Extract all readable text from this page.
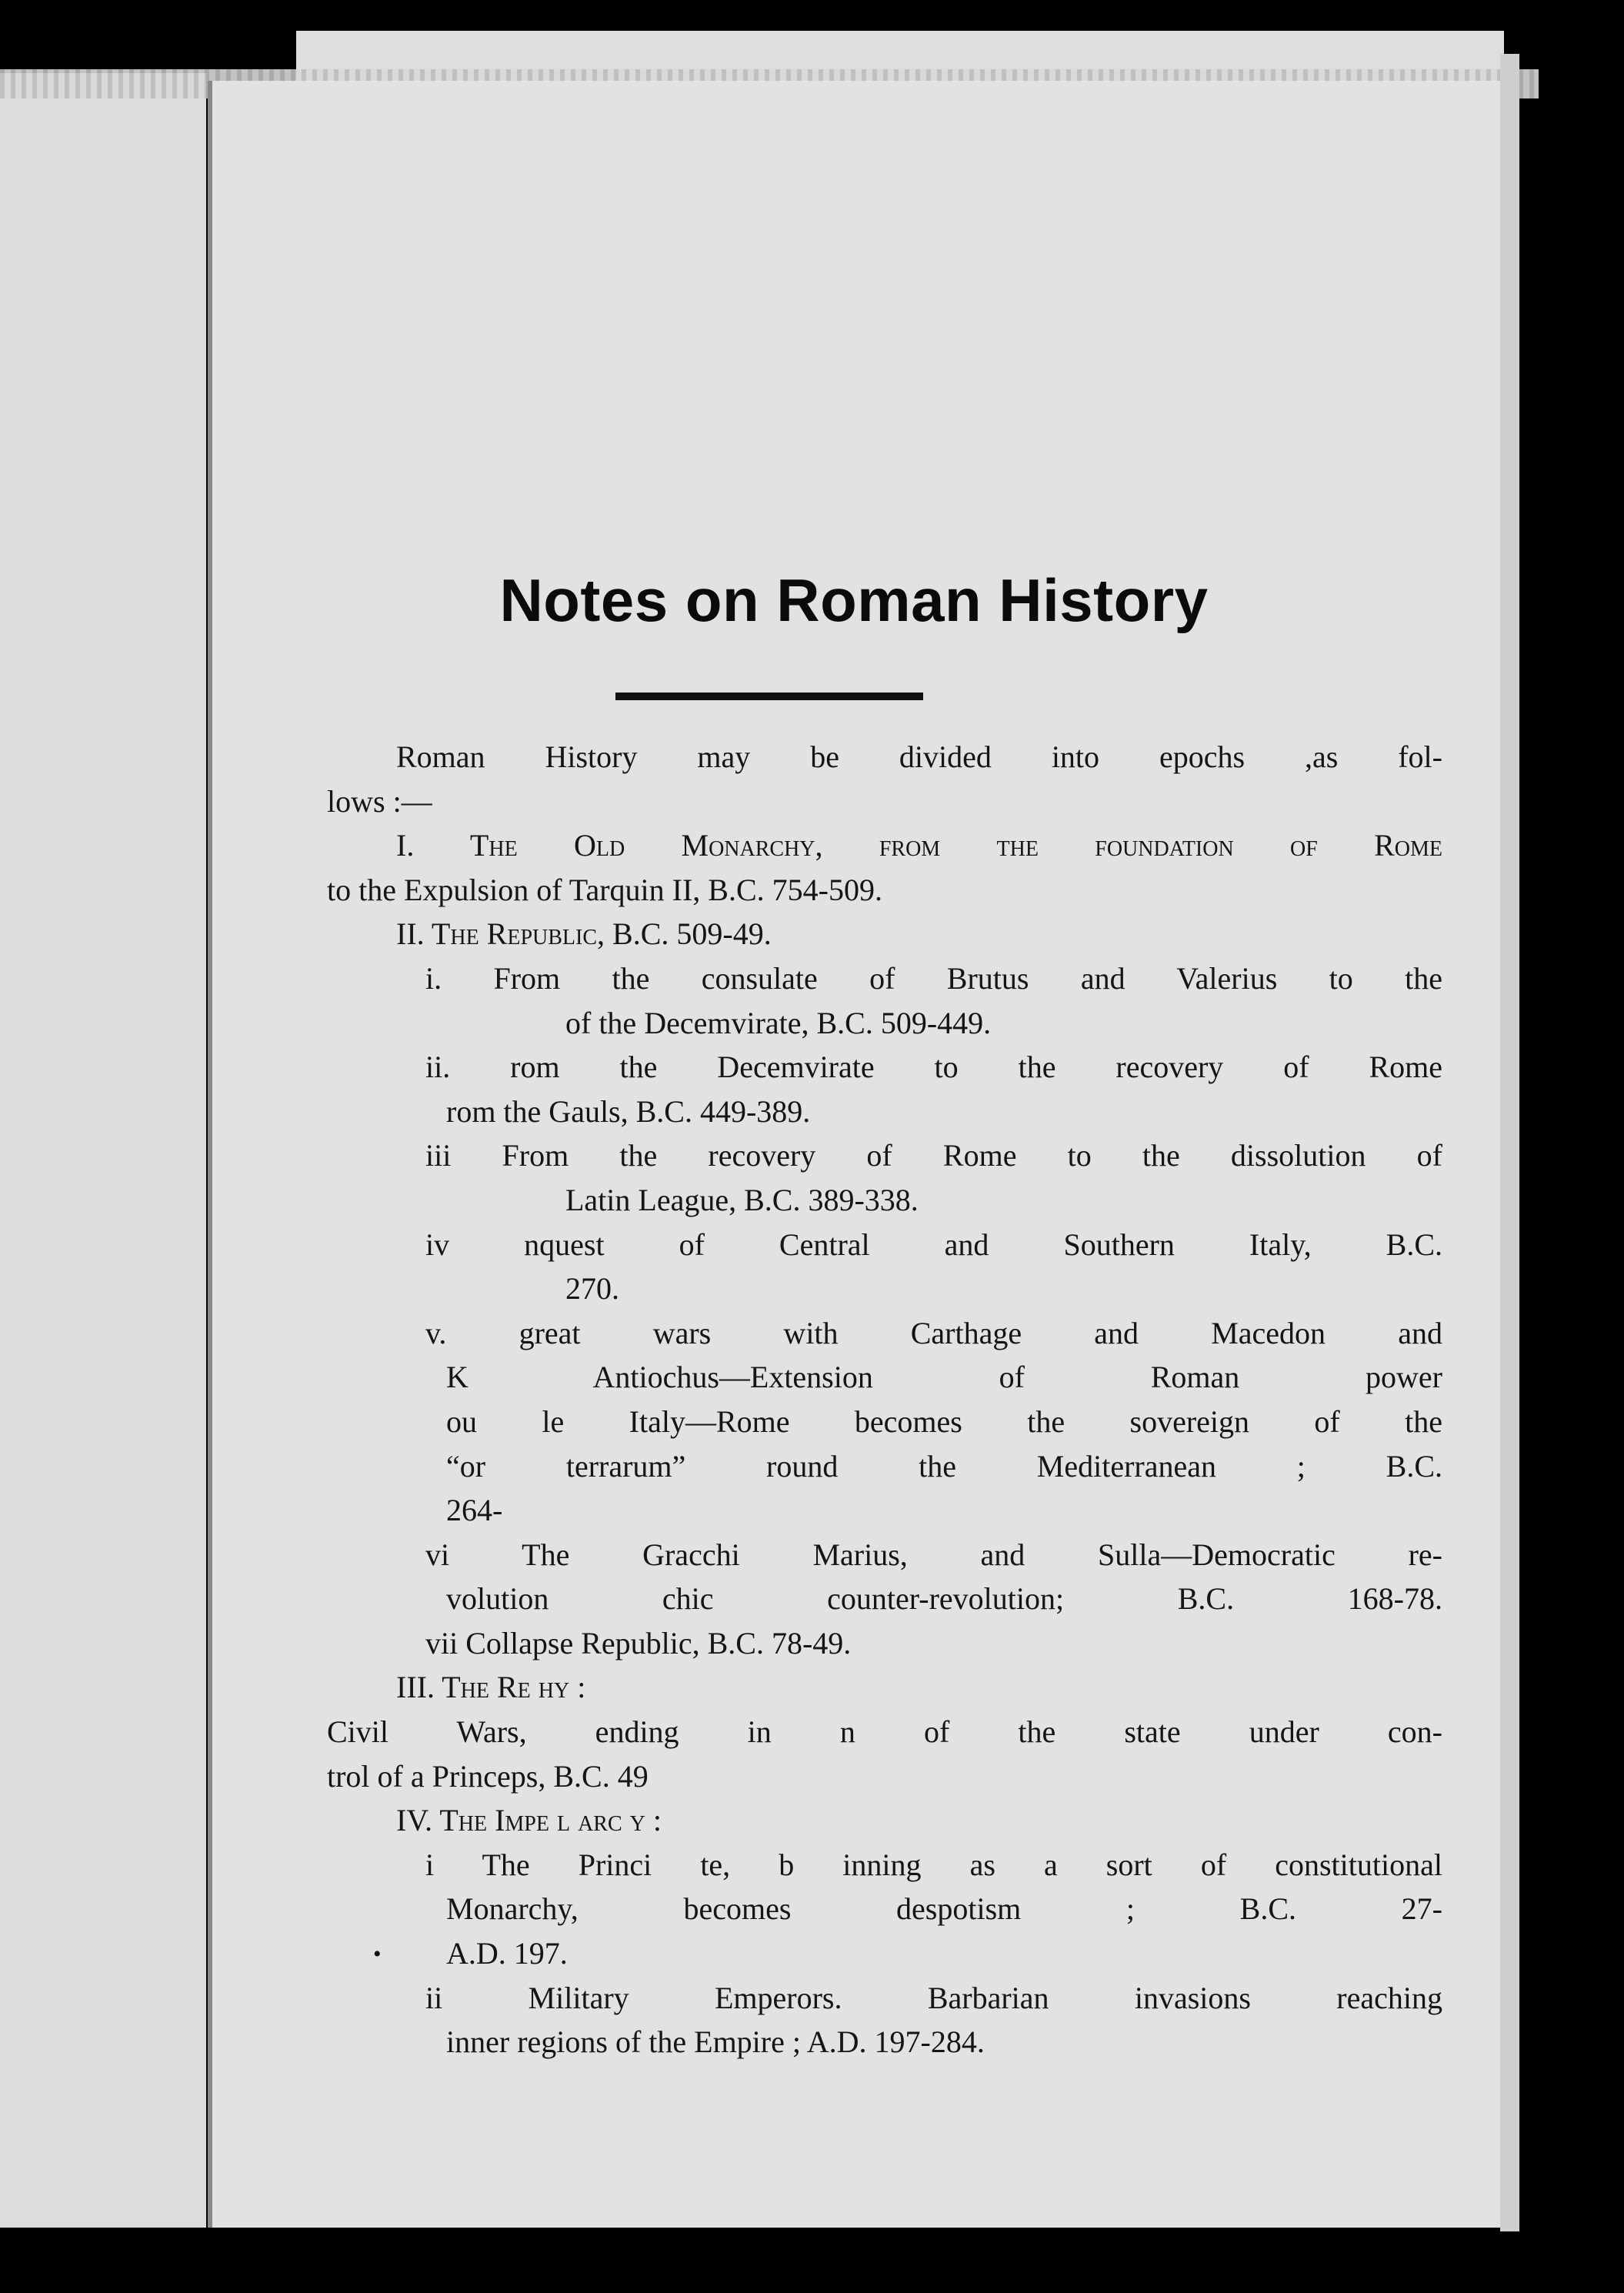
Notes on Roman History
Roman History may be divided into epochs ,as fol-
lows :—
I. The Old Monarchy, from the foundation of Rome
to the Expulsion of Tarquin II, B.C. 754-509.
II. The Republic, B.C. 509-49.
i. From the consulate of Brutus and Valerius to the
of the Decemvirate, B.C. 509-449.
ii. rom the Decemvirate to the recovery of Rome
rom the Gauls, B.C. 449-389.
iii From the recovery of Rome to the dissolution of
Latin League, B.C. 389-338.
iv nquest of Central and Southern Italy, B.C.
270.
v. great wars with Carthage and Macedon and
K Antiochus—Extension of Roman power
ou le Italy—Rome becomes the sovereign of the
“or terrarum” round the Mediterranean ; B.C.
264-
vi The Gracchi Marius, and Sulla—Democratic re-
volution chic counter-revolution; B.C. 168-78.
vii Collapse Republic, B.C. 78-49.
III. The Re hy :
Civil Wars, ending in n of the state under con-
trol of a Princeps, B.C. 49
IV. The Impe l arc y :
i The Princi te, b inning as a sort of constitutional
Monarchy, becomes despotism ; B.C. 27-
A.D. 197.
ii Military Emperors. Barbarian invasions reaching
inner regions of the Empire ; A.D. 197-284.
•
